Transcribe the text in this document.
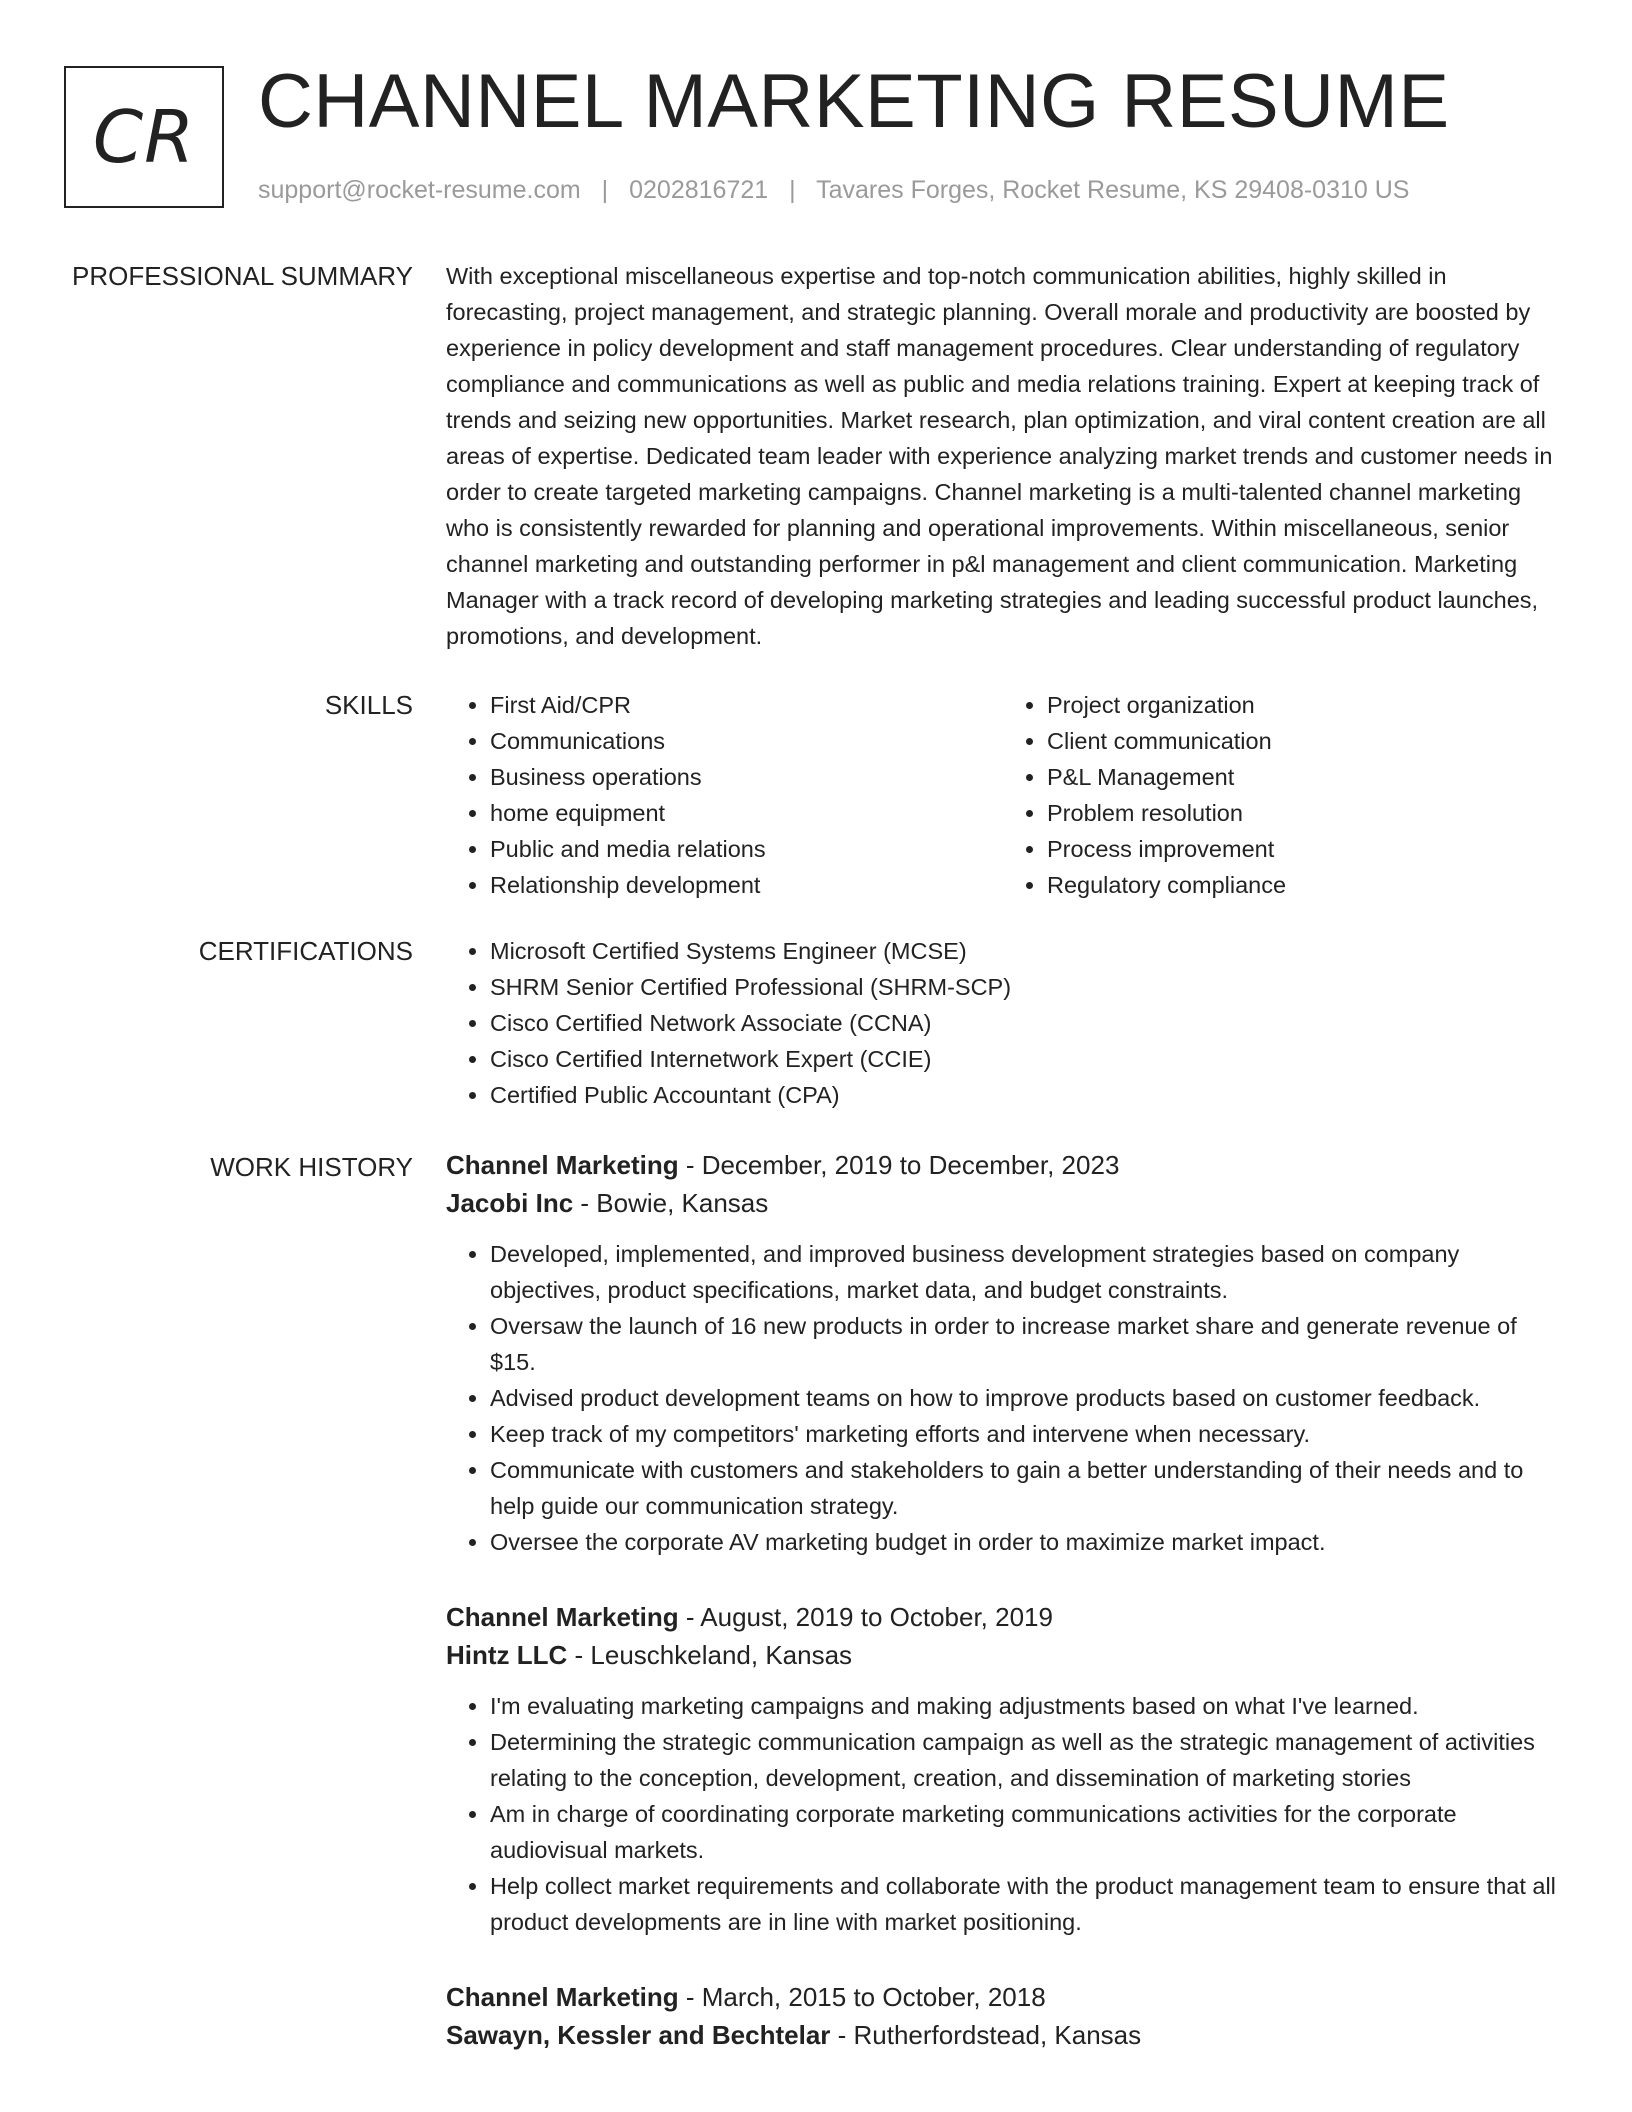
CR CHANNEL MARKETING RESUME
support@rocket-resume.com | 0202816721 | Tavares Forges, Rocket Resume, KS 29408-0310 US
PROFESSIONAL SUMMARY With exceptional miscellaneous expertise and top-notch communication abilities, highly skilled in forecasting, project management, and strategic planning. Overall morale and productivity are boosted by experience in policy development and staff management procedures. Clear understanding of regulatory compliance and communications as well as public and media relations training. Expert at keeping track of trends and seizing new opportunities. Market research, plan optimization, and viral content creation are all areas of expertise. Dedicated team leader with experience analyzing market trends and customer needs in order to create targeted marketing campaigns. Channel marketing is a multi-talented channel marketing who is consistently rewarded for planning and operational improvements. Within miscellaneous, senior channel marketing and outstanding performer in p&l management and client communication. Marketing Manager with a track record of developing marketing strategies and leading successful product launches, promotions, and development.
SKILLS	• First Aid/CPR
• Communications
• Business operations
• home equipment
• Public and media relations
• Relationship development
• Project organization
• Client communication
• P&L Management
• Problem resolution
• Process improvement
• Regulatory compliance
CERTIFICATIONS	• Microsoft Certified Systems Engineer (MCSE)
• SHRM Senior Certified Professional (SHRM-SCP)
• Cisco Certified Network Associate (CCNA)
• Cisco Certified Internetwork Expert (CCIE)
• Certified Public Accountant (CPA)
WORK HISTORY Channel Marketing - December, 2019 to December, 2023
Jacobi Inc - Bowie, Kansas
• Developed, implemented, and improved business development strategies based on company objectives, product specifications, market data, and budget constraints.
• Oversaw the launch of 16 new products in order to increase market share and generate revenue of $15.
• Advised product development teams on how to improve products based on customer feedback.
• Keep track of my competitors' marketing efforts and intervene when necessary.
• Communicate with customers and stakeholders to gain a better understanding of their needs and to help guide our communication strategy.
• Oversee the corporate AV marketing budget in order to maximize market impact.
Channel Marketing - August, 2019 to October, 2019
Hintz LLC - Leuschkeland, Kansas
• I'm evaluating marketing campaigns and making adjustments based on what I've learned.
• Determining the strategic communication campaign as well as the strategic management of activities relating to the conception, development, creation, and dissemination of marketing stories
• Am in charge of coordinating corporate marketing communications activities for the corporate audiovisual markets.
• Help collect market requirements and collaborate with the product management team to ensure that all product developments are in line with market positioning.
Channel Marketing - March, 2015 to October, 2018
Sawayn, Kessler and Bechtelar - Rutherfordstead, Kansas
